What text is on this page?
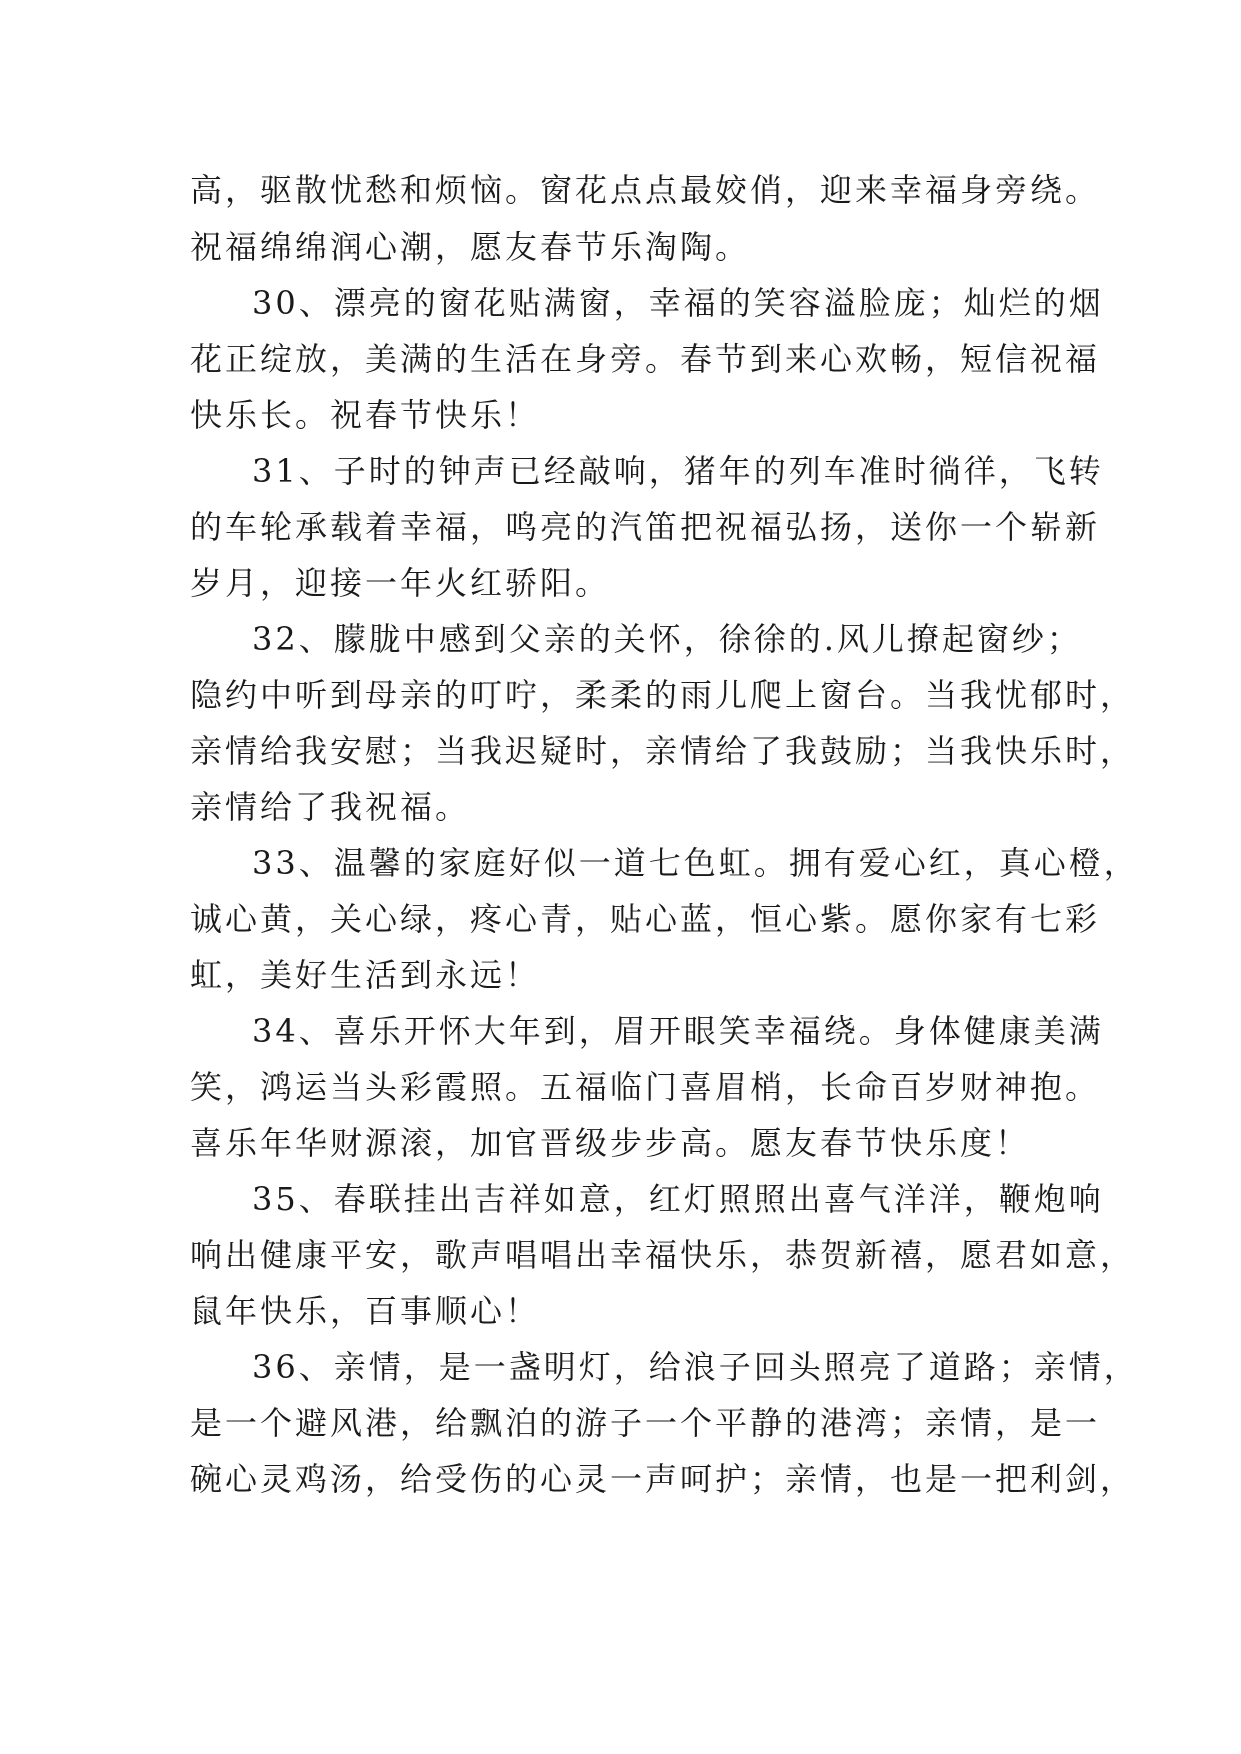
高，驱散忧愁和烦恼。窗花点点最姣俏，迎来幸福身旁绕。
祝福绵绵润心潮，愿友春节乐淘陶。
30、漂亮的窗花贴满窗，幸福的笑容溢脸庞；灿烂的烟
花正绽放，美满的生活在身旁。春节到来心欢畅，短信祝福
快乐长。祝春节快乐！
31、子时的钟声已经敲响，猪年的列车准时徜徉，飞转
的车轮承载着幸福，鸣亮的汽笛把祝福弘扬，送你一个崭新
岁月，迎接一年火红骄阳。
32、朦胧中感到父亲的关怀，徐徐的.风儿撩起窗纱；
隐约中听到母亲的叮咛，柔柔的雨儿爬上窗台。当我忧郁时，
亲情给我安慰；当我迟疑时，亲情给了我鼓励；当我快乐时，
亲情给了我祝福。
33、温馨的家庭好似一道七色虹。拥有爱心红，真心橙，
诚心黄，关心绿，疼心青，贴心蓝，恒心紫。愿你家有七彩
虹，美好生活到永远！
34、喜乐开怀大年到，眉开眼笑幸福绕。身体健康美满
笑，鸿运当头彩霞照。五福临门喜眉梢，长命百岁财神抱。
喜乐年华财源滚，加官晋级步步高。愿友春节快乐度！
35、春联挂出吉祥如意，红灯照照出喜气洋洋，鞭炮响
响出健康平安，歌声唱唱出幸福快乐，恭贺新禧，愿君如意，
鼠年快乐，百事顺心！
36、亲情，是一盏明灯，给浪子回头照亮了道路；亲情，
是一个避风港，给飘泊的游子一个平静的港湾；亲情，是一
碗心灵鸡汤，给受伤的心灵一声呵护；亲情，也是一把利剑，
